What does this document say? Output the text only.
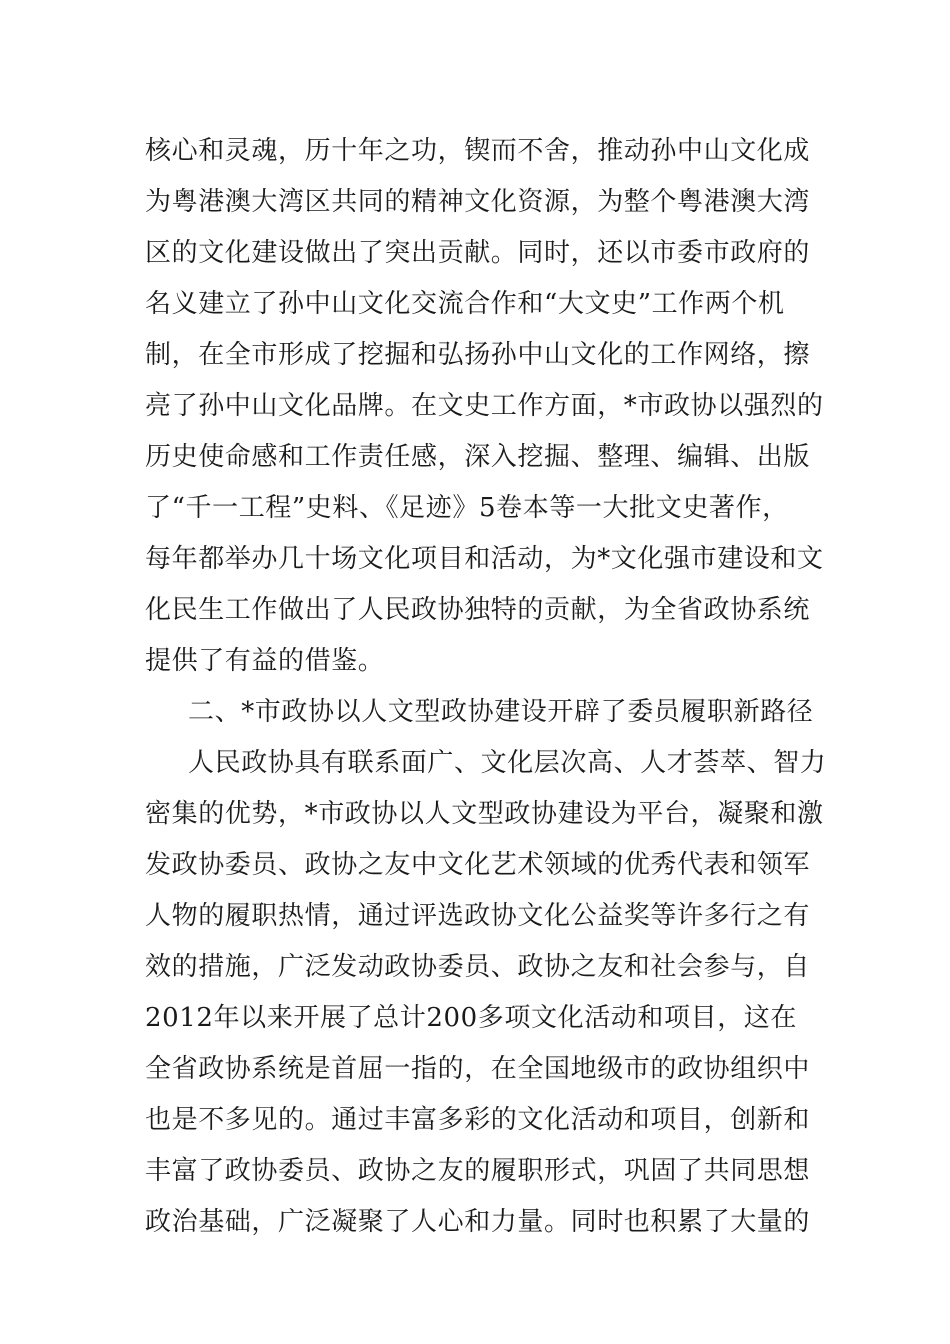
核心和灵魂，历十年之功，锲而不舍，推动孙中山文化成
为粤港澳大湾区共同的精神文化资源，为整个粤港澳大湾
区的文化建设做出了突出贡献。同时，还以市委市政府的
名义建立了孙中山文化交流合作和“大文史”工作两个机
制，在全市形成了挖掘和弘扬孙中山文化的工作网络，擦
亮了孙中山文化品牌。在文史工作方面，*市政协以强烈的
历史使命感和工作责任感，深入挖掘、整理、编辑、出版
了“千一工程”史料、《足迹》5卷本等一大批文史著作，
每年都举办几十场文化项目和活动，为*文化强市建设和文
化民生工作做出了人民政协独特的贡献，为全省政协系统
提供了有益的借鉴。
二、*市政协以人文型政协建设开辟了委员履职新路径
人民政协具有联系面广、文化层次高、人才荟萃、智力
密集的优势，*市政协以人文型政协建设为平台，凝聚和激
发政协委员、政协之友中文化艺术领域的优秀代表和领军
人物的履职热情，通过评选政协文化公益奖等许多行之有
效的措施，广泛发动政协委员、政协之友和社会参与，自
2012年以来开展了总计200多项文化活动和项目，这在
全省政协系统是首屈一指的，在全国地级市的政协组织中
也是不多见的。通过丰富多彩的文化活动和项目，创新和
丰富了政协委员、政协之友的履职形式，巩固了共同思想
政治基础，广泛凝聚了人心和力量。同时也积累了大量的
